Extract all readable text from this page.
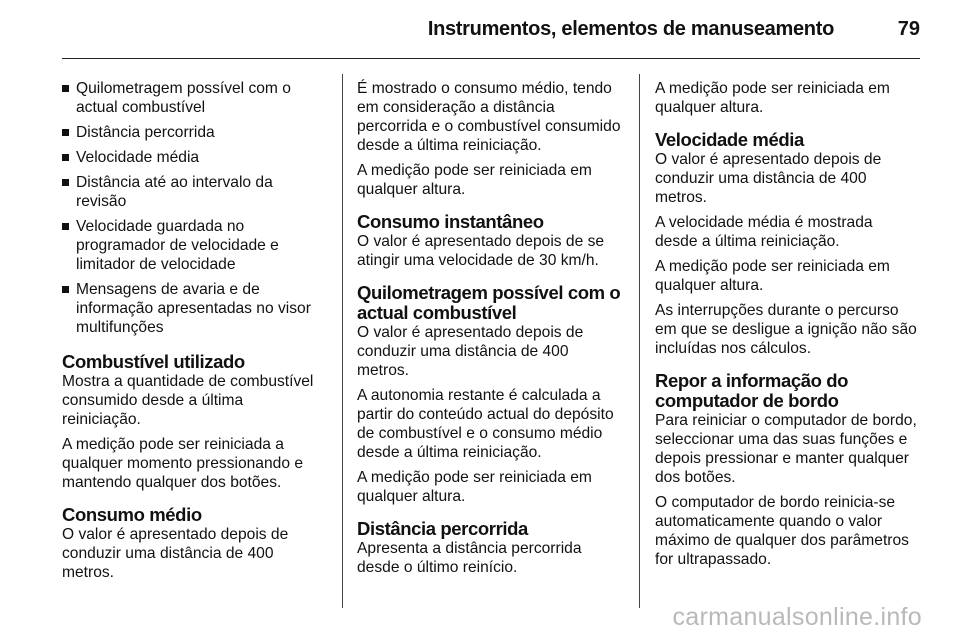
Instrumentos, elementos de manuseamento	79
Quilometragem possível com o actual combustível
Distância percorrida
Velocidade média
Distância até ao intervalo da revisão
Velocidade guardada no programador de velocidade e limitador de velocidade
Mensagens de avaria e de informação apresentadas no visor multifunções
Combustível utilizado

Mostra a quantidade de combustível consumido desde a última reiniciação.

A medição pode ser reiniciada a qualquer momento pressionando e mantendo qualquer dos botões.

Consumo médio

O valor é apresentado depois de conduzir uma distância de 400 metros.

É mostrado o consumo médio, tendo em consideração a distância percorrida e o combustível consumido desde a última reiniciação.

A medição pode ser reiniciada em qualquer altura.

Consumo instantâneo

O valor é apresentado depois de se atingir uma velocidade de 30 km/h.

Quilometragem possível com o actual combustível

O valor é apresentado depois de conduzir uma distância de 400 metros.

A autonomia restante é calculada a partir do conteúdo actual do depósito de combustível e o consumo médio desde a última reiniciação.

A medição pode ser reiniciada em qualquer altura.

Distância percorrida

Apresenta a distância percorrida desde o último reinício.

A medição pode ser reiniciada em qualquer altura.

Velocidade média

O valor é apresentado depois de conduzir uma distância de 400 metros.

A velocidade média é mostrada desde a última reiniciação.

A medição pode ser reiniciada em qualquer altura.

As interrupções durante o percurso em que se desligue a ignição não são incluídas nos cálculos.

Repor a informação do computador de bordo

Para reiniciar o computador de bordo, seleccionar uma das suas funções e depois pressionar e manter qualquer dos botões.

O computador de bordo reinicia-se automaticamente quando o valor máximo de qualquer dos parâmetros for ultrapassado.

carmanualsonline.info
